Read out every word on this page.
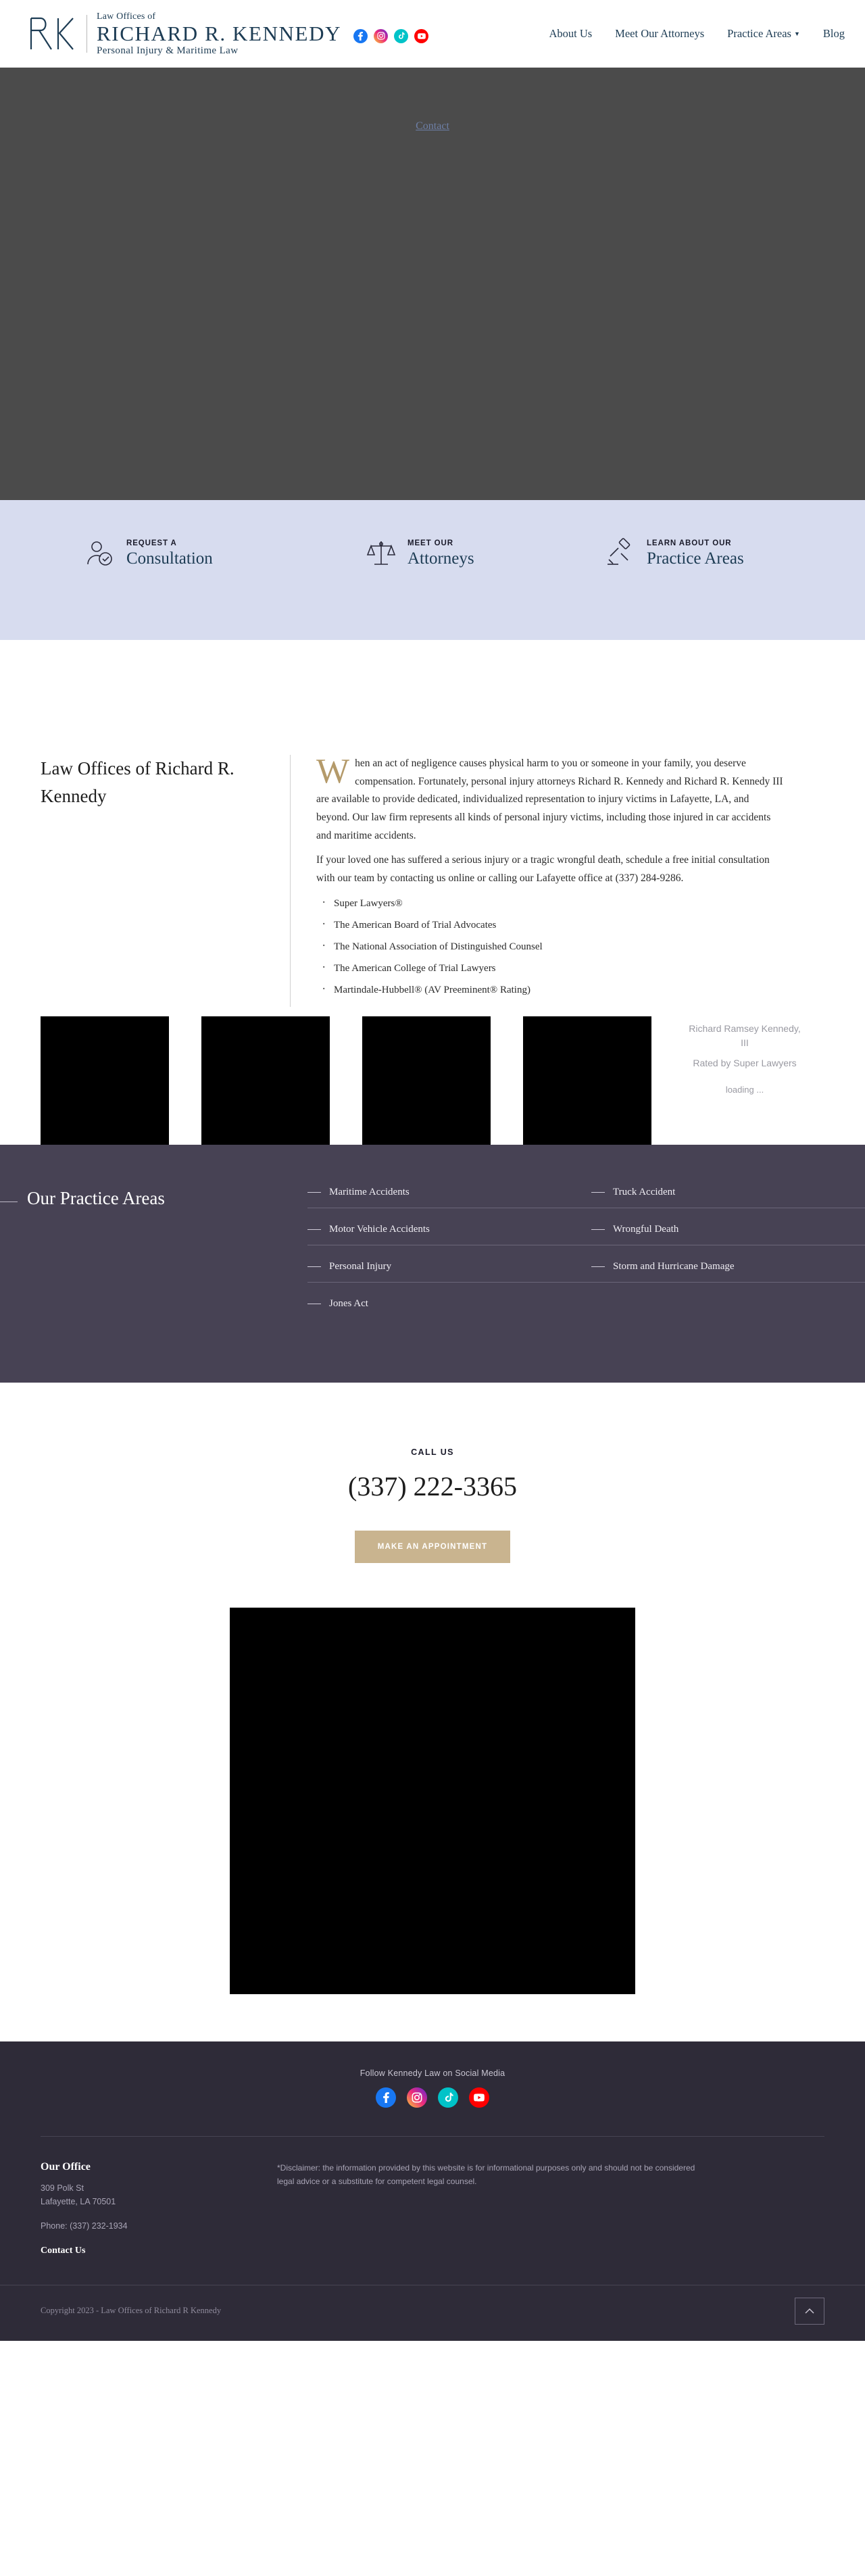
Law Offices of
RICHARD R. KENNEDY
Personal Injury & Maritime Law
About Us Meet Our Attorneys Practice Areas ▼ Blog
Contact
REQUEST A
Consultation
MEET OUR
Attorneys
LEARN ABOUT OUR
Practice Areas
Law Offices of Richard R. Kennedy

When an act of negligence causes physical harm to you or someone in your family, you deserve compensation. Fortunately, personal injury attorneys Richard R. Kennedy and Richard R. Kennedy III are available to provide dedicated, individualized representation to injury victims in Lafayette, LA, and beyond. Our law firm represents all kinds of personal injury victims, including those injured in car accidents and maritime accidents.

If your loved one has suffered a serious injury or a tragic wrongful death, schedule a free initial consultation with our team by contacting us online or calling our Lafayette office at (337) 284-9286.

· Super Lawyers®
· The American Board of Trial Advocates
· The National Association of Distinguished Counsel
· The American College of Trial Lawyers
· Martindale-Hubbell® (AV Preeminent® Rating)
Richard Ramsey Kennedy, III
Rated by Super Lawyers
loading ...
Our Practice Areas	Maritime Accidents
Motor Vehicle Accidents
Personal Injury
Jones Act
Truck Accident
Wrongful Death
Storm and Hurricane Damage
CALL US
(337) 222-3365
MAKE AN APPOINTMENT
Follow Kennedy Law on Social Media
Our Office
309 Polk St
Lafayette, LA 70501
Phone: (337) 232-1934
Contact Us
*Disclaimer: the information provided by this website is for informational purposes only and should not be considered legal advice or a substitute for competent legal counsel.
Copyright 2023 - Law Offices of Richard R Kennedy
